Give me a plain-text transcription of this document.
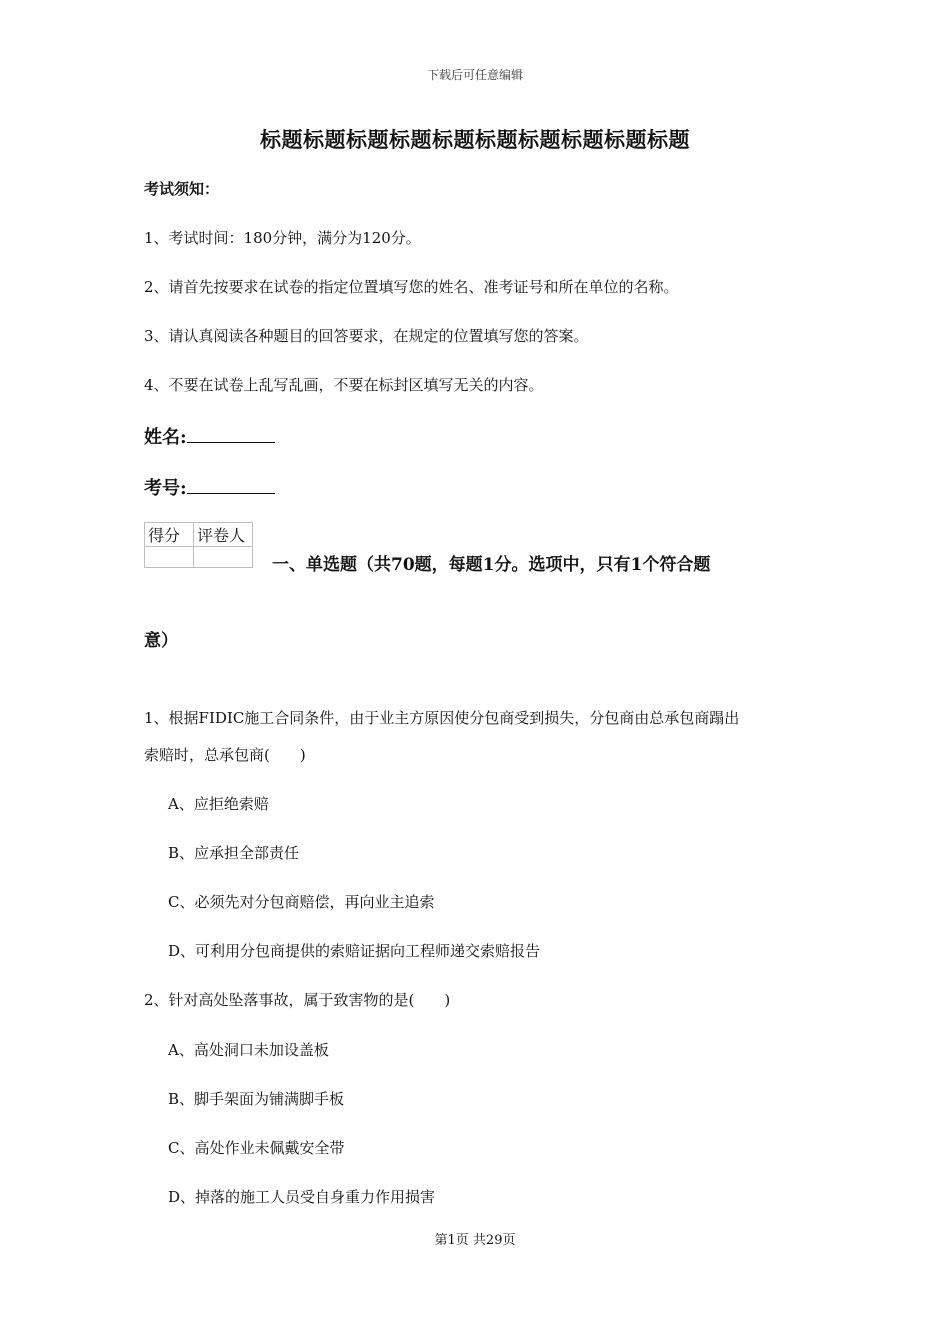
下载后可任意编辑
标题标题标题标题标题标题标题标题标题标题
考试须知：
1、考试时间：180分钟，满分为120分。
2、请首先按要求在试卷的指定位置填写您的姓名、准考证号和所在单位的名称。
3、请认真阅读各种题目的回答要求，在规定的位置填写您的答案。
4、不要在试卷上乱写乱画，不要在标封区填写无关的内容。
姓名:
考号:
得分	评卷人

一、单选题（共70题，每题1分。选项中，只有1个符合题
意）
1、根据FIDIC施工合同条件，由于业主方原因使分包商受到损失，分包商由总承包商蹋出
索赔时，总承包商(　　)
A、应拒绝索赔
B、应承担全部责任
C、必须先对分包商赔偿，再向业主追索
D、可利用分包商提供的索赔证据向工程师递交索赔报告
2、针对高处坠落事故，属于致害物的是(　　)
A、高处洞口未加设盖板
B、脚手架面为铺满脚手板
C、高处作业未佩戴安全带
D、掉落的施工人员受自身重力作用损害
第1页 共29页
